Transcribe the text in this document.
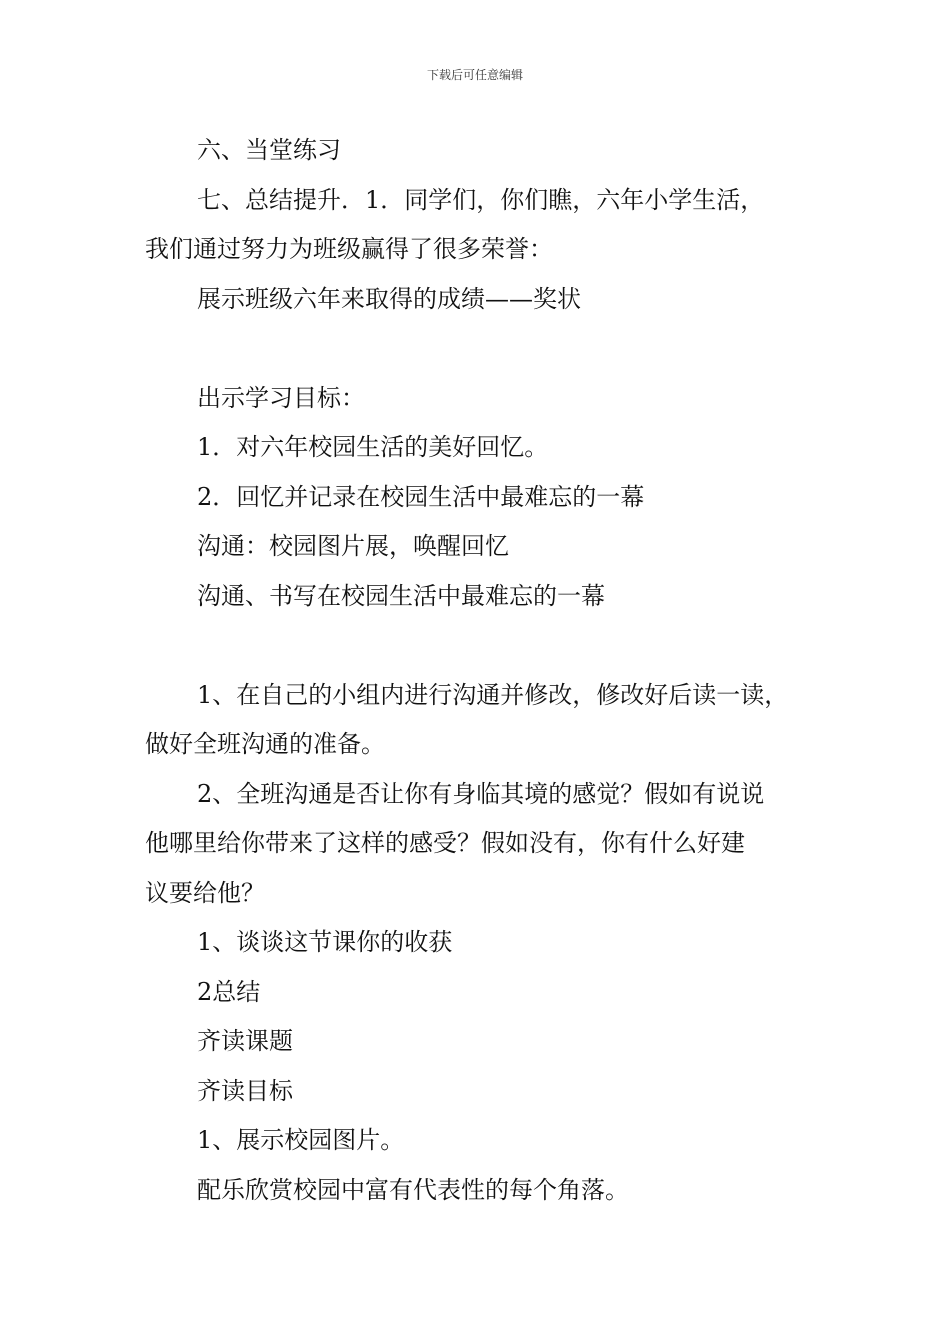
下载后可任意编辑
六、当堂练习
七、总结提升．1．同学们，你们瞧，六年小学生活，
我们通过努力为班级赢得了很多荣誉：
展示班级六年来取得的成绩——奖状
出示学习目标：
1．对六年校园生活的美好回忆。
2．回忆并记录在校园生活中最难忘的一幕
沟通：校园图片展，唤醒回忆
沟通、书写在校园生活中最难忘的一幕
1、在自己的小组内进行沟通并修改，修改好后读一读，
做好全班沟通的准备。
2、全班沟通是否让你有身临其境的感觉？假如有说说
他哪里给你带来了这样的感受？假如没有，你有什么好建
议要给他？
1、谈谈这节课你的收获
2总结
齐读课题
齐读目标
1、展示校园图片。
配乐欣赏校园中富有代表性的每个角落。
